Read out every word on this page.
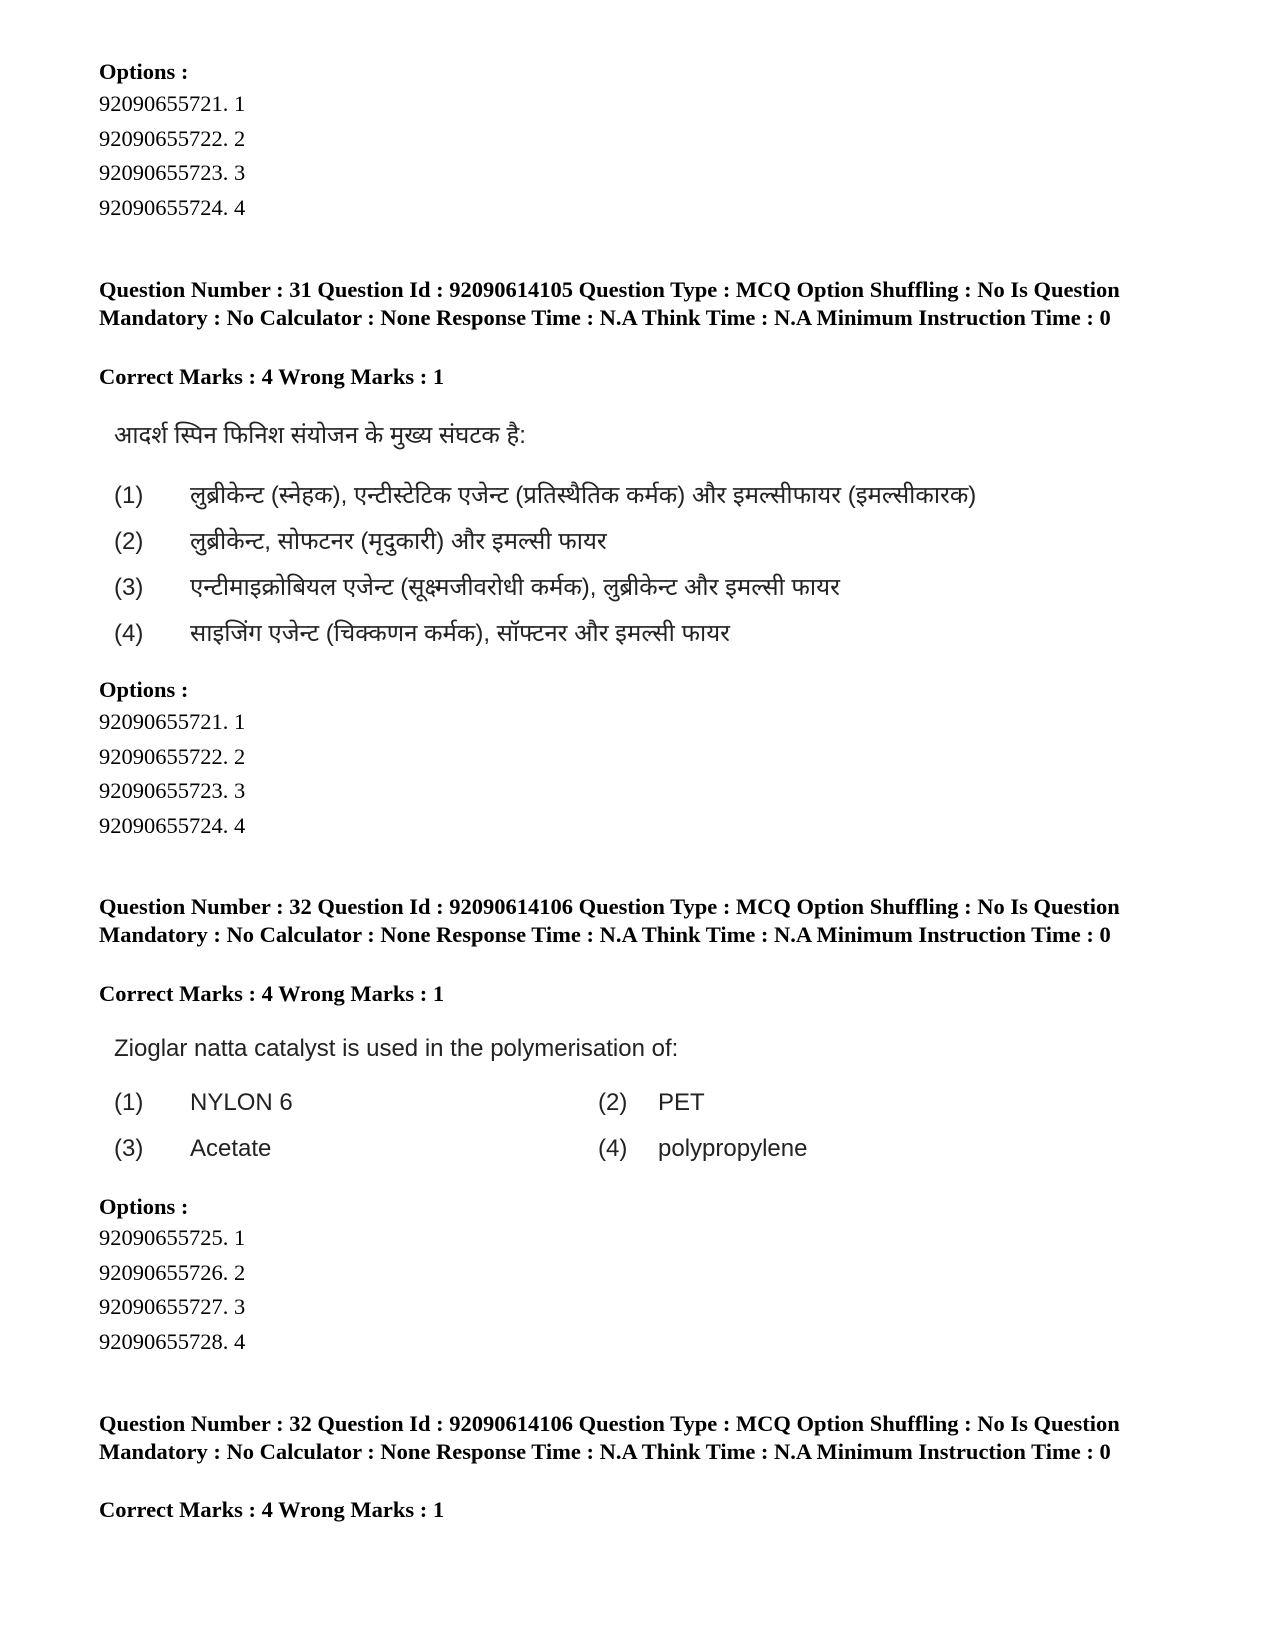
Options :
92090655721. 1
92090655722. 2
92090655723. 3
92090655724. 4
Question Number : 31 Question Id : 92090614105 Question Type : MCQ Option Shuffling : No Is Question Mandatory : No Calculator : None Response Time : N.A Think Time : N.A Minimum Instruction Time : 0
Correct Marks : 4 Wrong Marks : 1
आदर्श स्पिन फिनिश संयोजन के मुख्य संघटक है:
(1) लुब्रीकेन्ट (स्नेहक), एन्टीस्टेटिक एजेन्ट (प्रतिस्थैतिक कर्मक) और इमल्सीफायर (इमल्सीकारक)
(2) लुब्रीकेन्ट, सोफटनर (मृदुकारी) और इमल्सी फायर
(3) एन्टीमाइक्रोबियल एजेन्ट (सूक्ष्मजीवरोधी कर्मक), लुब्रीकेन्ट और इमल्सी फायर
(4) साइजिंग एजेन्ट (चिक्कणन कर्मक), सॉफ्टनर और इमल्सी फायर
Options :
92090655721. 1
92090655722. 2
92090655723. 3
92090655724. 4
Question Number : 32 Question Id : 92090614106 Question Type : MCQ Option Shuffling : No Is Question Mandatory : No Calculator : None Response Time : N.A Think Time : N.A Minimum Instruction Time : 0
Correct Marks : 4 Wrong Marks : 1
Zioglar natta catalyst is used in the polymerisation of:
(1) NYLON 6	(2) PET
(3) Acetate	(4) polypropylene
Options :
92090655725. 1
92090655726. 2
92090655727. 3
92090655728. 4
Question Number : 32 Question Id : 92090614106 Question Type : MCQ Option Shuffling : No Is Question Mandatory : No Calculator : None Response Time : N.A Think Time : N.A Minimum Instruction Time : 0
Correct Marks : 4 Wrong Marks : 1
